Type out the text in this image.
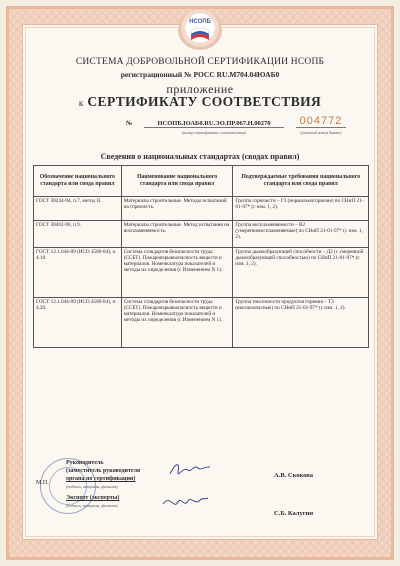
НСОПБ
СИСТЕМА ДОБРОВОЛЬНОЙ СЕРТИФИКАЦИИ НСОПБ
регистрационный № РОСС RU.М704.04ЮАБ0
приложение
к СЕРТИФИКАТУ СООТВЕТСТВИЯ
№	НСОПБ.ЮАБ0.RU.ЭО.ПР.067.Н.00270
(номер сертификата соответствия)
004772
(учетный номер бланка)
Сведения о национальных стандартах (сводах правил)
Обозначение национального стандарта или свода правил	Наименование национального стандарта или свода правил	Подтверждаемые требования национального стандарта или свода правил
ГОСТ 30244-94, п.7, метод II.	Материалы строительные. Методы испытаний на горючесть.	Группа горючести – Г3 (нормальногорючие) по СНиП 21-01-97* (с изм. 1, 2).
ГОСТ 30402-96, п.9.	Материалы строительные. Метод испытания на воспламеняемость.	Группа воспламеняемости – В2 (умеренновоспламеняемые) по СНиП 21-01-97* (с изм. 1, 2).
ГОСТ 12.1.044-89 (ИСО 4589-84), п. 4.18.	Система стандартов безопасности труда (ССБТ). Пожаровзрывоопасность веществ и материалов. Номенклатура показателей и методы их определения (с Изменением N 1).	Группа дымообразующей способности – Д2 (с умеренной дымообразующей способностью) по СНиП 21-01-97* (с изм. 1, 2).
ГОСТ 12.1.044-89 (ИСО 4589-84), п. 4.20.	Система стандартов безопасности труда (ССБТ). Пожаровзрывоопасность веществ и материалов. Номенклатура показателей и методы их определения (с Изменением N 1).	Группа токсичности продуктов горения – Т3 (высокоопасные) по СНиП 21-01-97* (с изм. 1, 2).
М.П.
Руководитель
(заместитель руководителя
органа по сертификации)
(подпись, инициалы, фамилия)
А.В. Скокова
Эксперт (эксперты)
(подпись, инициалы, фамилия)
С.Б. Калугин
